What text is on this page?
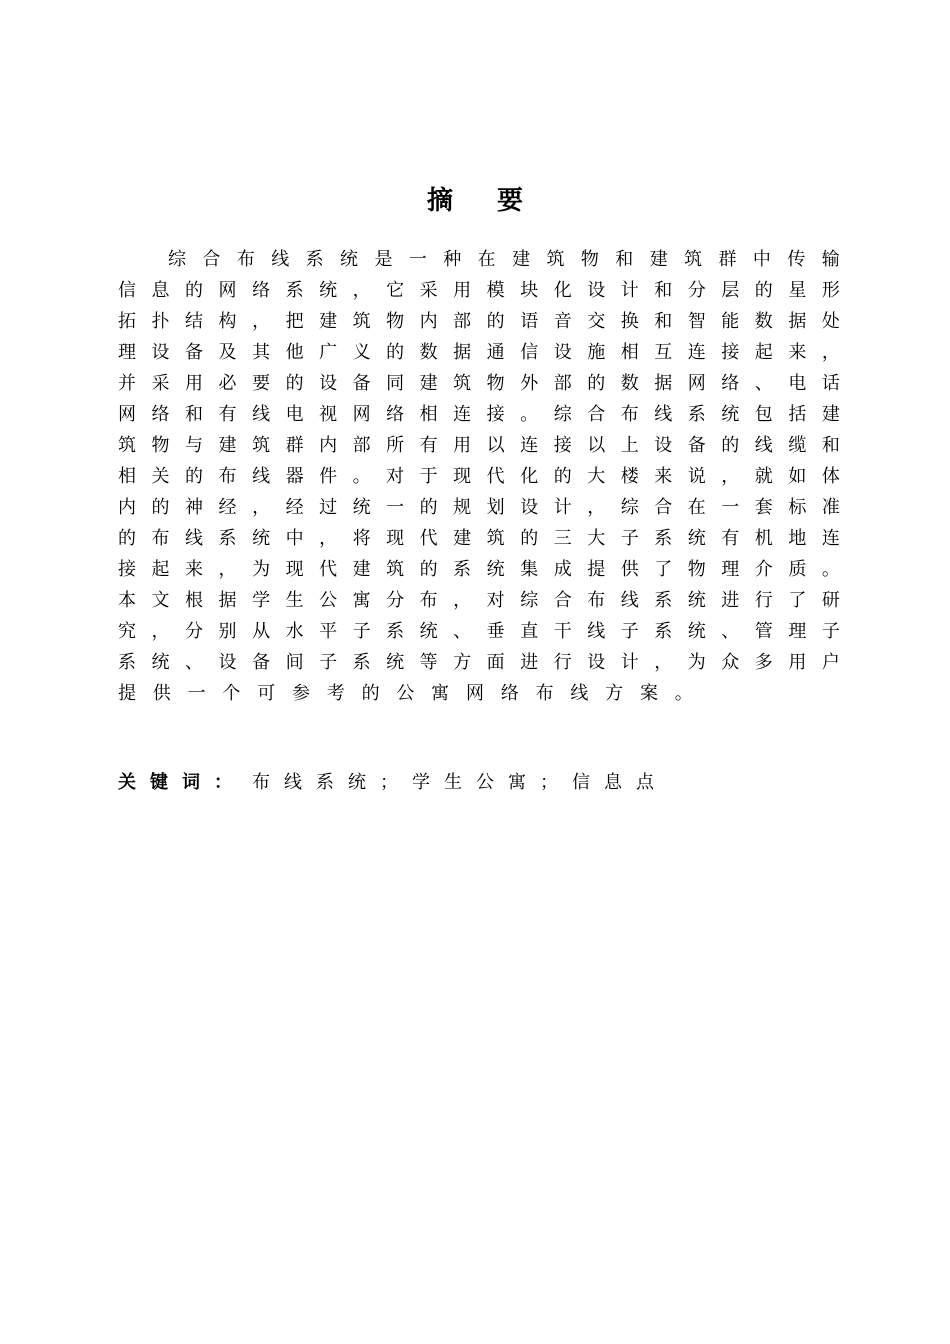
摘 要
综 合 布 线 系 统 是 一 种 在 建 筑 物 和 建 筑 群 中 传 输
信 息 的 网 络 系 统 ， 它 采 用 模 块 化 设 计 和 分 层 的 星 形
拓 扑 结 构 ， 把 建 筑 物 内 部 的 语 音 交 换 和 智 能 数 据 处
理 设 备 及 其 他 广 义 的 数 据 通 信 设 施 相 互 连 接 起 来 ，
并 采 用 必 要 的 设 备 同 建 筑 物 外 部 的 数 据 网 络 、 电 话
网 络 和 有 线 电 视 网 络 相 连 接 。 综 合 布 线 系 统 包 括 建
筑 物 与 建 筑 群 内 部 所 有 用 以 连 接 以 上 设 备 的 线 缆 和
相 关 的 布 线 器 件 。 对 于 现 代 化 的 大 楼 来 说 ， 就 如 体
内 的 神 经 ， 经 过 统 一 的 规 划 设 计 ， 综 合 在 一 套 标 准
的 布 线 系 统 中 ， 将 现 代 建 筑 的 三 大 子 系 统 有 机 地 连
接 起 来 ， 为 现 代 建 筑 的 系 统 集 成 提 供 了 物 理 介 质 。
本 文 根 据 学 生 公 寓 分 布 ， 对 综 合 布 线 系 统 进 行 了 研
究 ， 分 别 从 水 平 子 系 统 、 垂 直 干 线 子 系 统 、 管 理 子
系 统 、 设 备 间 子 系 统 等 方 面 进 行 设 计 ， 为 众 多 用 户
提 供 一 个 可 参 考 的 公 寓 网 络 布 线 方 案 。
关键词： 布线系统；学生公寓；信息点
